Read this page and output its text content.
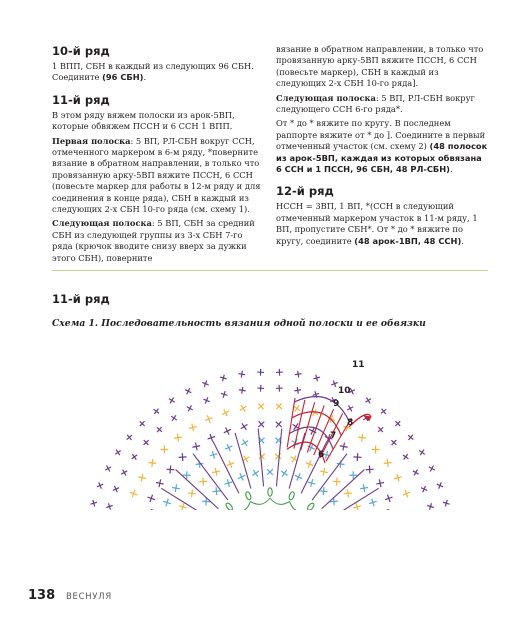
10-й ряд
1 ВПП, СБН в каждый из следующих 96 СБН. Соедините (96 СБН).
11-й ряд
В этом ряду вяжем полоски из арок-5ВП, которые обвяжем ПССН и 6 ССН 1 ВПП.
Первая полоска: 5 ВП, РЛ-СБН вокруг ССН, отмеченного маркером в 6-м ряду, *поверните вязание в обратном направлении, в только что провязанную арку-5ВП вяжите ПССН, 6 ССН (повесьте маркер для работы в 12-м ряду и для соединения в конце ряда), СБН в каждый из следующих 2-х СБН 10-го ряда (см. схему 1).
Следующая полоска: 5 ВП, СБН за средний СБН из следующей группы из 3-х СБН 7-го ряда (крючок вводите снизу вверх за дужки этого СБН), поверните
вязание в обратном направлении, в только что провязанную арку-5ВП вяжите ПССН, 6 ССН (повесьте маркер), СБН в каждый из следующих 2-х СБН 10-го ряда].
Следующая полоска: 5 ВП, РЛ-СБН вокруг следующего ССН 6-го ряда*.
От * до * вяжите по кругу. В последнем раппорте вяжите от * до ]. Соедините в первый отмеченный участок (см. схему 2) (48 полосок из арок-5ВП, каждая из которых обвязана 6 ССН и 1 ПССН, 96 СБН, 48 РЛ-СБН).
12-й ряд
НССН = 3ВП, 1 ВП, *(ССН в следующий отмеченный маркером участок в 11-м ряду, 1 ВП, пропустите СБН*. От * до * вяжите по кругу, соедините (48 арок-1ВП, 48 ССН).
11-й ряд
Схема 1. Последовательность вязания одной полоски и ее обвязки
11
10
9
8
7
6
138 ВЕСНУЛЯ
